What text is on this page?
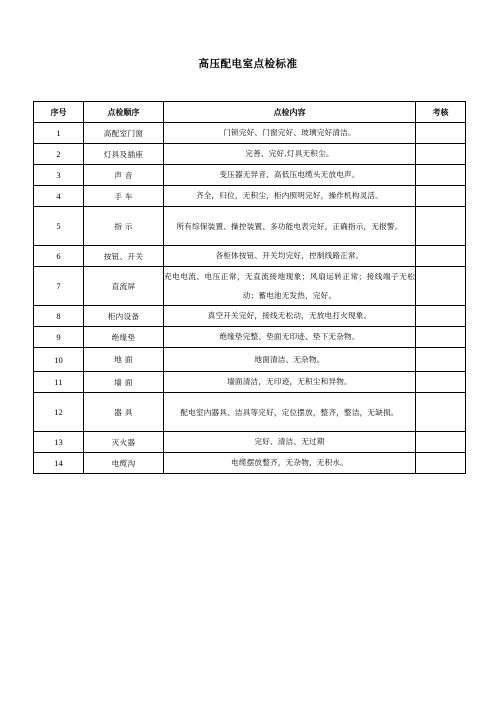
高压配电室点检标准
序号	点检顺序	点检内容	考核
1	高配室门窗	门锁完好、门窗完好、玻璃完好清洁。	
2	灯具及插座	完善、完好,灯具无积尘。	
3	声 音	变压器无异音、高低压电缆头无放电声。	
4	手 车	齐全，归位，无积尘，柜内照明完好，操作机构灵活。	
5	指 示	所有综保装置、操控装置、多功能电表完好，正确指示，无报警。	
6	按钮、开关	各柜体按钮、开关均完好，控制线路正常。	
7	直流屏	充电电流、电压正常，无直流接地现象；风扇运转正常；接线端子无松动；蓄电池无发热，完好。	
8	柜内设备	真空开关完好，接线无松动，无放电打火现象。	
9	绝缘垫	绝缘垫完整、垫面无印迹、垫下无杂物。	
10	地 面	地面清洁、无杂物。	
11	墙 面	墙面清洁，无印迹，无积尘和异物。	
12	器 具	配电室内器具、洁具等完好，定位摆放，整齐，整洁，无缺损。	
13	灭火器	完好、清洁、无过期	
14	电缆沟	电缆摆放整齐，无杂物，无积水。	
